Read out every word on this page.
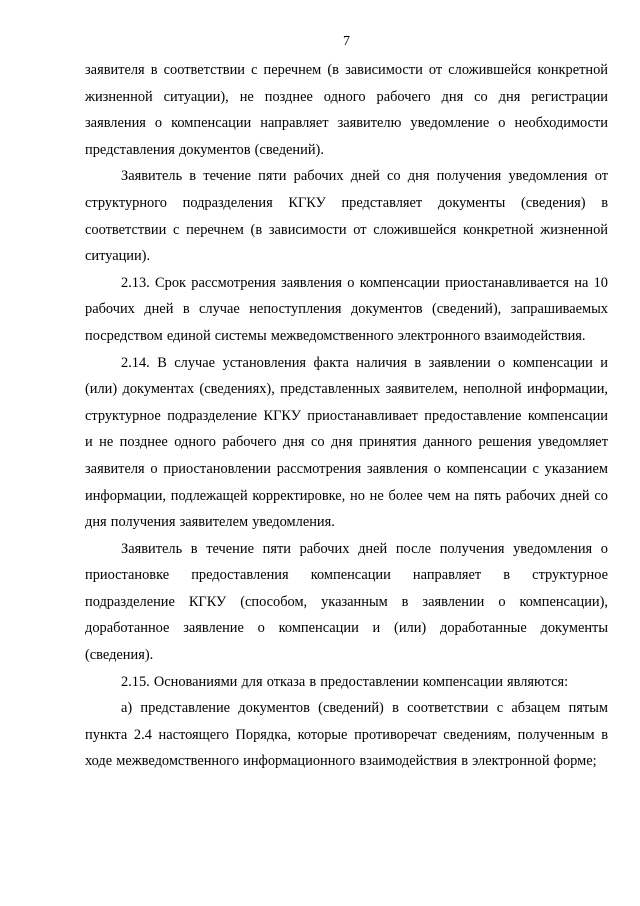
7

заявителя в соответствии с перечнем (в зависимости от сложившейся конкретной жизненной ситуации), не позднее одного рабочего дня со дня регистрации заявления о компенсации направляет заявителю уведомление о необходимости представления документов (сведений).

Заявитель в течение пяти рабочих дней со дня получения уведомления от структурного подразделения КГКУ представляет документы (сведения) в соответствии с перечнем (в зависимости от сложившейся конкретной жизненной ситуации).

2.13. Срок рассмотрения заявления о компенсации приостанавливается на 10 рабочих дней в случае непоступления документов (сведений), запрашиваемых посредством единой системы межведомственного электронного взаимодействия.

2.14. В случае установления факта наличия в заявлении о компенсации и (или) документах (сведениях), представленных заявителем, неполной информации, структурное подразделение КГКУ приостанавливает предоставление компенсации и не позднее одного рабочего дня со дня принятия данного решения уведомляет заявителя о приостановлении рассмотрения заявления о компенсации с указанием информации, подлежащей корректировке, но не более чем на пять рабочих дней со дня получения заявителем уведомления.

Заявитель в течение пяти рабочих дней после получения уведомления о приостановке предоставления компенсации направляет в структурное подразделение КГКУ (способом, указанным в заявлении о компенсации), доработанное заявление о компенсации и (или) доработанные документы (сведения).

2.15. Основаниями для отказа в предоставлении компенсации являются:

а) представление документов (сведений) в соответствии с абзацем пятым пункта 2.4 настоящего Порядка, которые противоречат сведениям, полученным в ходе межведомственного информационного взаимодействия в электронной форме;
